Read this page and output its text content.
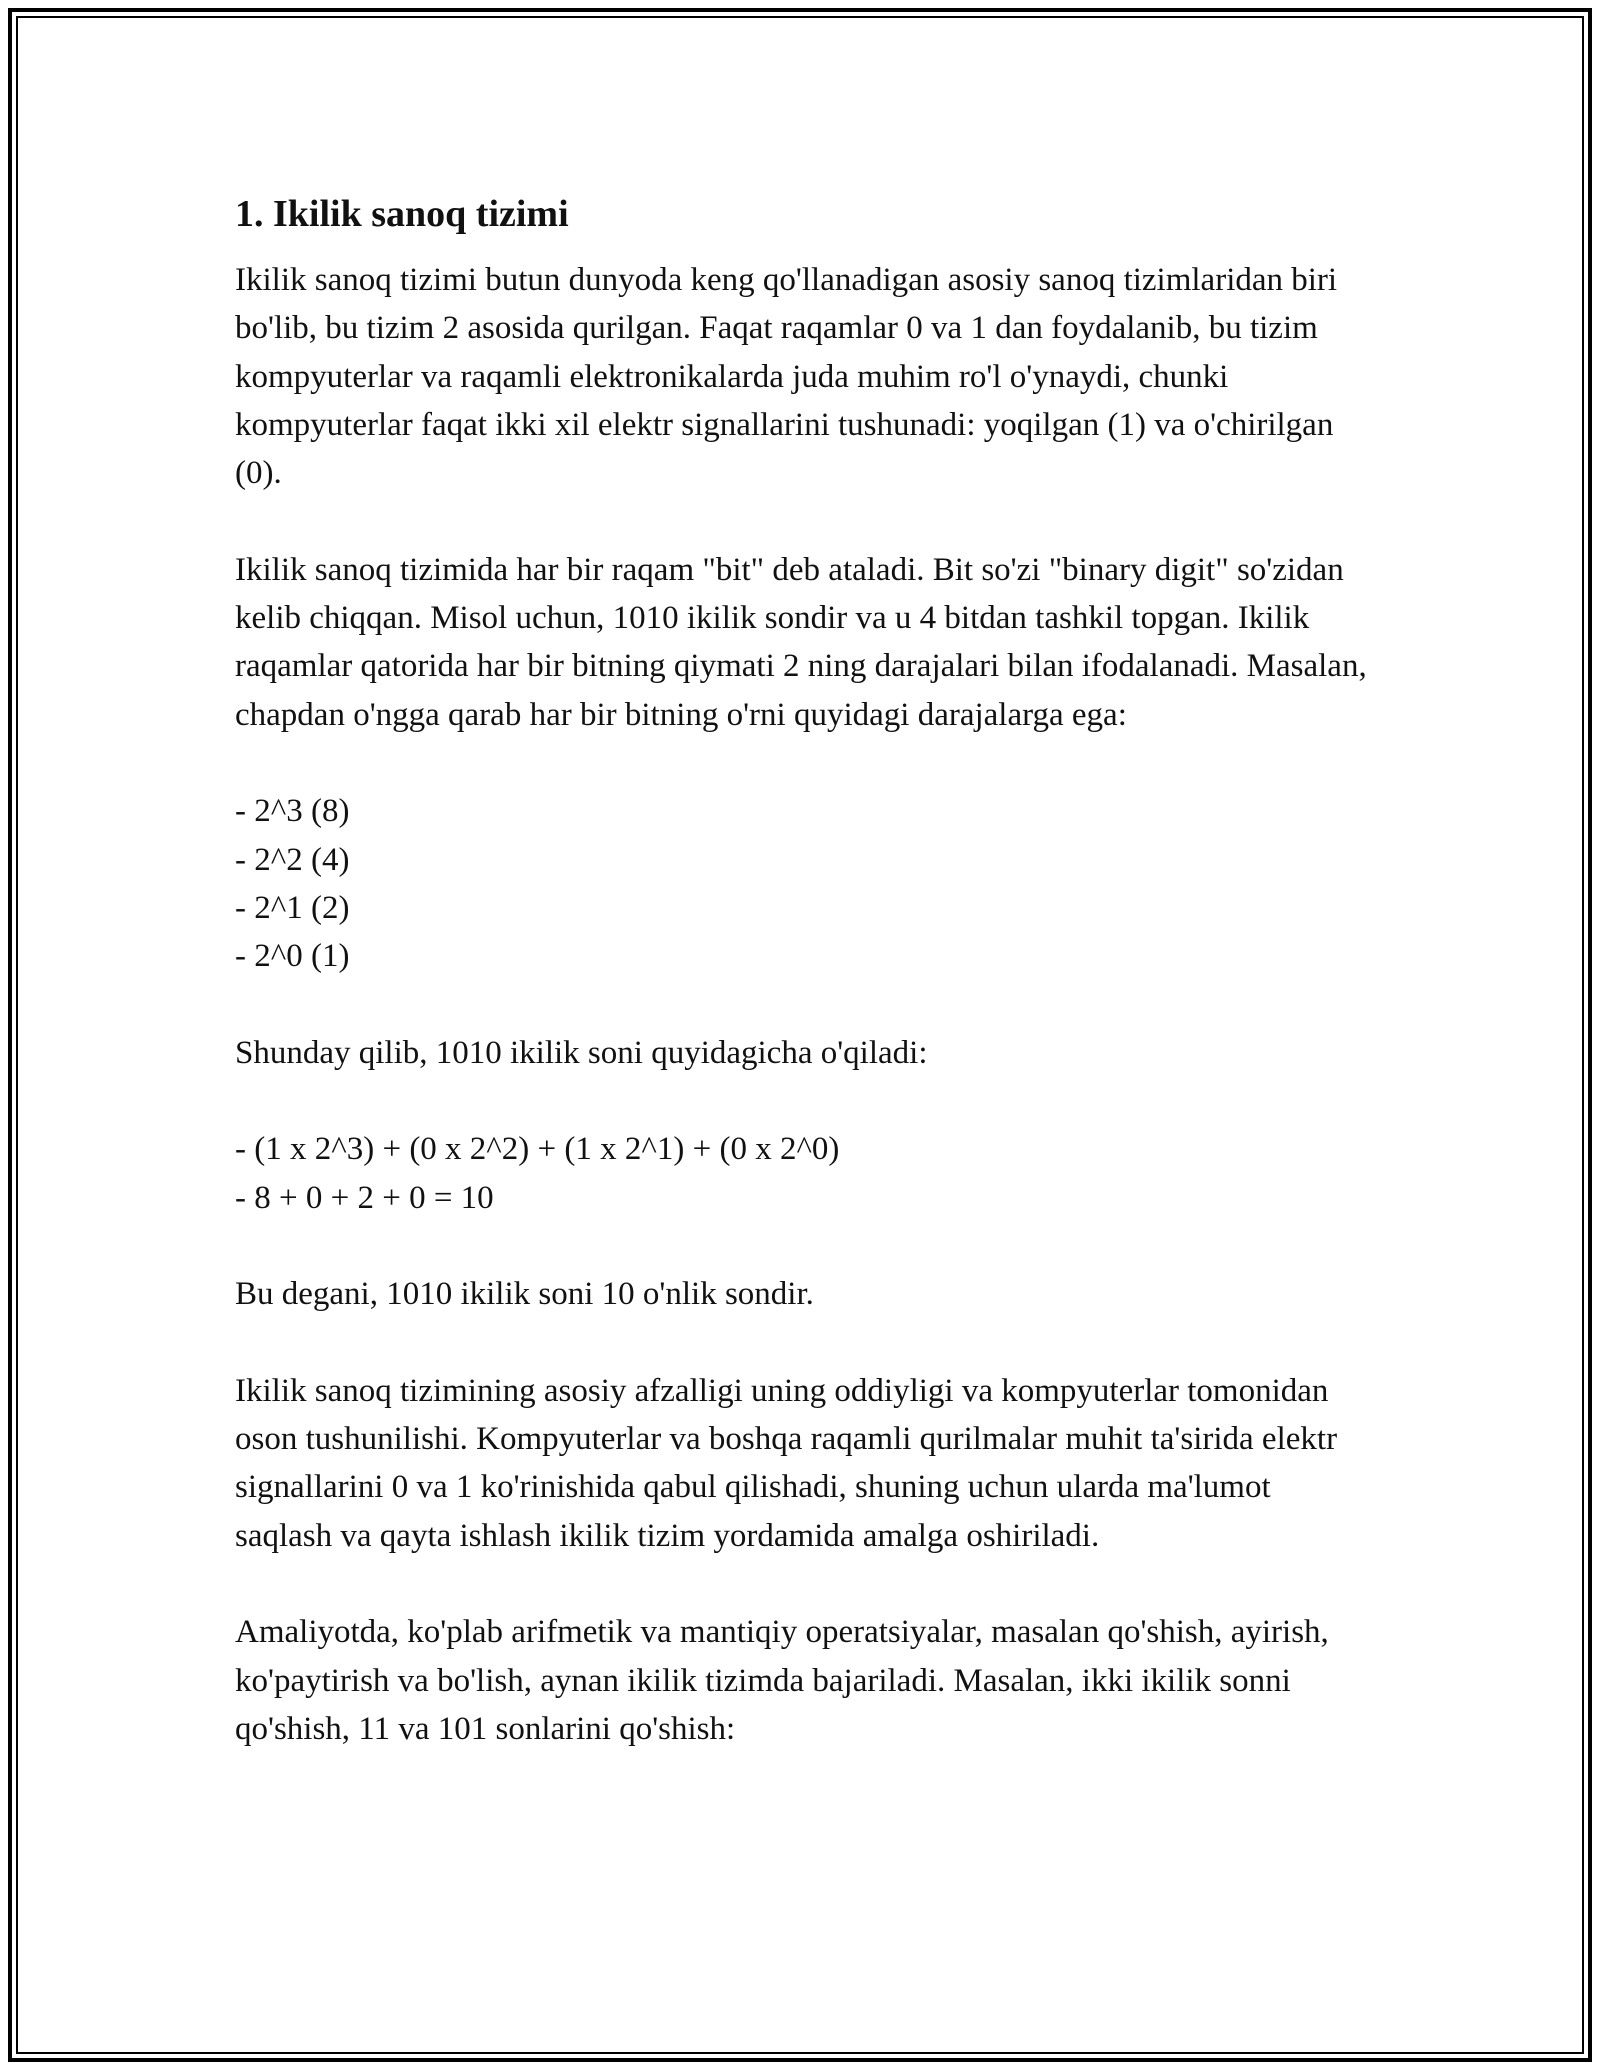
1. Ikilik sanoq tizimi

Ikilik sanoq tizimi butun dunyoda keng qo'llanadigan asosiy sanoq tizimlaridan biri bo'lib, bu tizim 2 asosida qurilgan. Faqat raqamlar 0 va 1 dan foydalanib, bu tizim kompyuterlar va raqamli elektronikalarda juda muhim ro'l o'ynaydi, chunki kompyuterlar faqat ikki xil elektr signallarini tushunadi: yoqilgan (1) va o'chirilgan (0).

Ikilik sanoq tizimida har bir raqam "bit" deb ataladi. Bit so'zi "binary digit" so'zidan kelib chiqqan. Misol uchun, 1010 ikilik sondir va u 4 bitdan tashkil topgan. Ikilik raqamlar qatorida har bir bitning qiymati 2 ning darajalari bilan ifodalanadi. Masalan, chapdan o'ngga qarab har bir bitning o'rni quyidagi darajalarga ega:

- 2^3 (8)
- 2^2 (4)
- 2^1 (2)
- 2^0 (1)

Shunday qilib, 1010 ikilik soni quyidagicha o'qiladi:

- (1 x 2^3) + (0 x 2^2) + (1 x 2^1) + (0 x 2^0)
- 8 + 0 + 2 + 0 = 10

Bu degani, 1010 ikilik soni 10 o'nlik sondir.

Ikilik sanoq tizimining asosiy afzalligi uning oddiyligi va kompyuterlar tomonidan oson tushunilishi. Kompyuterlar va boshqa raqamli qurilmalar muhit ta'sirida elektr signallarini 0 va 1 ko'rinishida qabul qilishadi, shuning uchun ularda ma'lumot saqlash va qayta ishlash ikilik tizim yordamida amalga oshiriladi.

Amaliyotda, ko'plab arifmetik va mantiqiy operatsiyalar, masalan qo'shish, ayirish, ko'paytirish va bo'lish, aynan ikilik tizimda bajariladi. Masalan, ikki ikilik sonni qo'shish, 11 va 101 sonlarini qo'shish:
